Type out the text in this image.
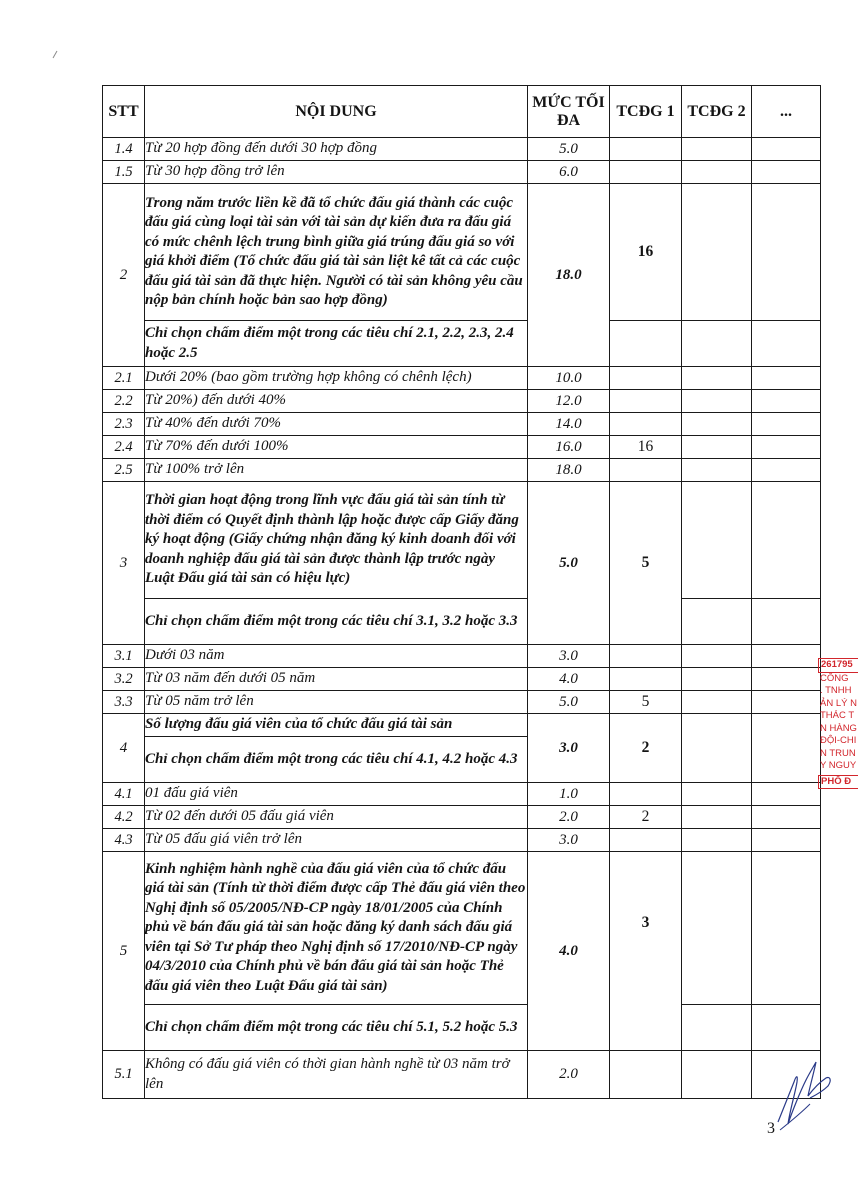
STT	NỘI DUNG	MỨC TỐI ĐA	TCĐG 1	TCĐG 2	...
1.4	Từ 20 hợp đồng đến dưới 30 hợp đồng	5.0			
1.5	Từ 30 hợp đồng trở lên	6.0			
2	Trong năm trước liền kề đã tổ chức đấu giá thành các cuộc đấu giá cùng loại tài sản với tài sản dự kiến đưa ra đấu giá có mức chênh lệch trung bình giữa giá trúng đấu giá so với giá khởi điểm (Tổ chức đấu giá tài sản liệt kê tất cả các cuộc đấu giá tài sản đã thực hiện. Người có tài sản không yêu cầu nộp bản chính hoặc bản sao hợp đồng)	18.0	16		
	Chỉ chọn chấm điểm một trong các tiêu chí 2.1, 2.2, 2.3, 2.4 hoặc 2.5				
2.1	Dưới 20% (bao gồm trường hợp không có chênh lệch)	10.0			
2.2	Từ 20%) đến dưới 40%	12.0			
2.3	Từ 40% đến dưới 70%	14.0			
2.4	Từ 70% đến dưới 100%	16.0	16		
2.5	Từ 100% trở lên	18.0			
3	Thời gian hoạt động trong lĩnh vực đấu giá tài sản tính từ thời điểm có Quyết định thành lập hoặc được cấp Giấy đăng ký hoạt động (Giấy chứng nhận đăng ký kinh doanh đối với doanh nghiệp đấu giá tài sản được thành lập trước ngày Luật Đấu giá tài sản có hiệu lực)	5.0	5		
	Chỉ chọn chấm điểm một trong các tiêu chí 3.1, 3.2 hoặc 3.3				
3.1	Dưới 03 năm	3.0			
3.2	Từ 03 năm đến dưới 05 năm	4.0			
3.3	Từ 05 năm trở lên	5.0	5		
4	Số lượng đấu giá viên của tổ chức đấu giá tài sản	3.0	2		
	Chỉ chọn chấm điểm một trong các tiêu chí 4.1, 4.2 hoặc 4.3				
4.1	01 đấu giá viên	1.0			
4.2	Từ 02 đến dưới 05 đấu giá viên	2.0	2		
4.3	Từ 05 đấu giá viên trở lên	3.0			
5	Kinh nghiệm hành nghề của đấu giá viên của tổ chức đấu giá tài sản (Tính từ thời điểm được cấp Thẻ đấu giá viên theo Nghị định số 05/2005/NĐ-CP ngày 18/01/2005 của Chính phủ về bán đấu giá tài sản hoặc đăng ký danh sách đấu giá viên tại Sở Tư pháp theo Nghị định số 17/2010/NĐ-CP ngày 04/3/2010 của Chính phủ về bán đấu giá tài sản hoặc Thẻ đấu giá viên theo Luật Đấu giá tài sản)	4.0	3		
	Chỉ chọn chấm điểm một trong các tiêu chí 5.1, 5.2 hoặc 5.3				
5.1	Không có đấu giá viên có thời gian hành nghề từ 03 năm trở lên	2.0			
261795
CÔNG
. TNHH
ẢN LÝ N
THÁC T
N HÀNG
ĐỘI-CHI
N TRUN
Y NGUY
PHỐ Đ
3
